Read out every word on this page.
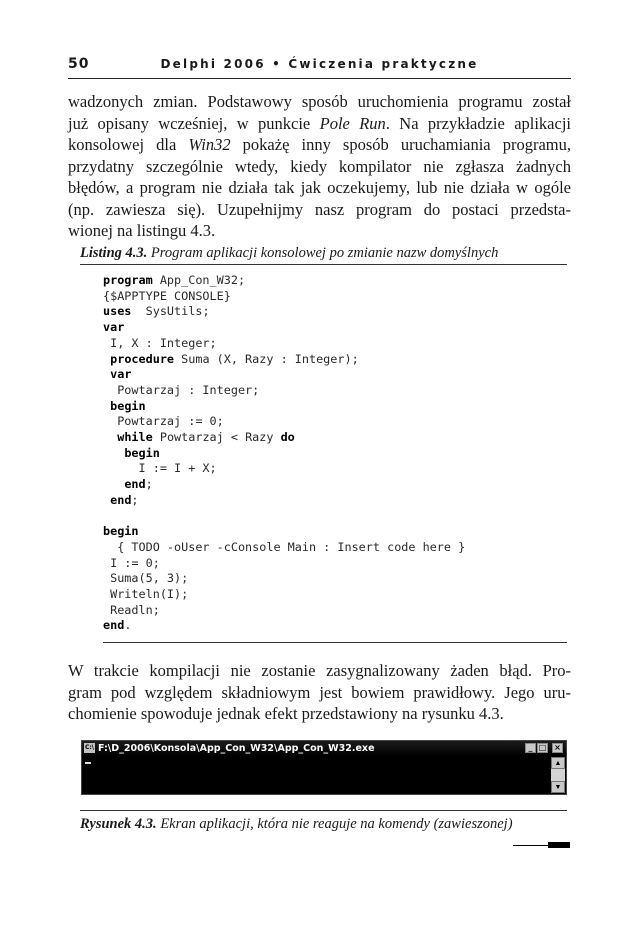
50	Delphi 2006 • Ćwiczenia praktyczne
wadzonych zmian. Podstawowy sposób uruchomienia programu został
już opisany wcześniej, w punkcie Pole Run. Na przykładzie aplikacji
konsolowej dla Win32 pokażę inny sposób uruchamiania programu,
przydatny szczególnie wtedy, kiedy kompilator nie zgłasza żadnych
błędów, a program nie działa tak jak oczekujemy, lub nie działa w ogóle
(np. zawiesza się). Uzupełnijmy nasz program do postaci przedsta-
wionej na listingu 4.3.
Listing 4.3. Program aplikacji konsolowej po zmianie nazw domyślnych
program App_Con_W32;
{$APPTYPE CONSOLE}
uses  SysUtils;
var
I, X : Integer;
procedure Suma (X, Razy : Integer);
var
Powtarzaj : Integer;
begin
Powtarzaj := 0;
while Powtarzaj < Razy do
begin
I := I + X;
end;
end;

begin
{ TODO -oUser -cConsole Main : Insert code here }
I := 0;
Suma(5, 3);
Writeln(I);
Readln;
end.

W trakcie kompilacji nie zostanie zasygnalizowany żaden błąd. Pro-
gram pod względem składniowym jest bowiem prawidłowy. Jego uru-
chomienie spowoduje jednak efekt przedstawiony na rysunku 4.3.
C:\ F:\D_2006\Konsola\App_Con_W32\App_Con_W32.exe	_ □ ×
▲
▼
Rysunek 4.3. Ekran aplikacji, która nie reaguje na komendy (zawieszonej)
